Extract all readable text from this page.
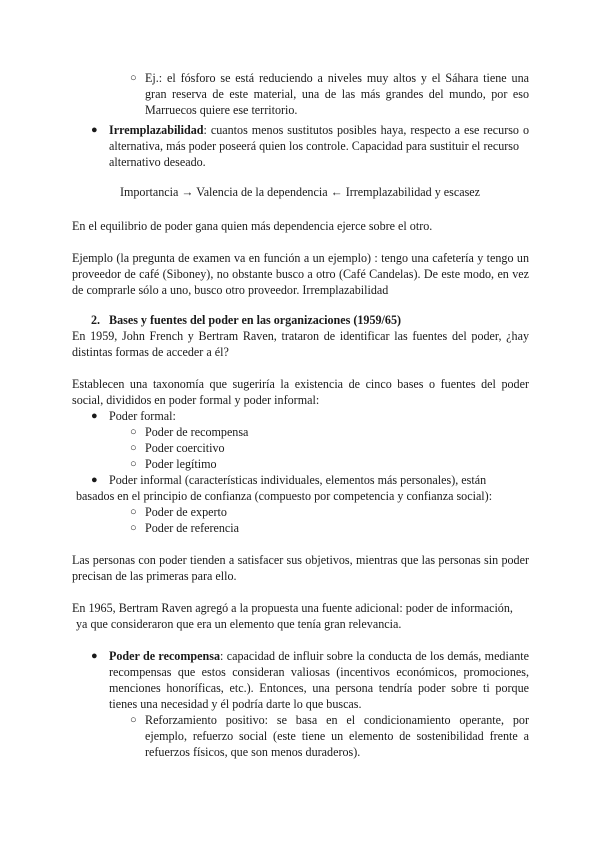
○ Ej.: el fósforo se está reduciendo a niveles muy altos y el Sáhara tiene una
gran reserva de este material, una de las más grandes del mundo, por eso
Marruecos quiere ese territorio.
● Irremplazabilidad: cuantos menos sustitutos posibles haya, respecto a ese recurso o
alternativa, más poder poseerá quien los controle. Capacidad para sustituir el recurso
alternativo deseado.
Importancia → Valencia de la dependencia ← Irremplazabilidad y escasez
En el equilibrio de poder gana quien más dependencia ejerce sobre el otro.
Ejemplo (la pregunta de examen va en función a un ejemplo) : tengo una cafetería y tengo un
proveedor de café (Siboney), no obstante busco a otro (Café Candelas). De este modo, en vez
de comprarle sólo a uno, busco otro proveedor. Irremplazabilidad
2. Bases y fuentes del poder en las organizaciones (1959/65)
En 1959, John French y Bertram Raven, trataron de identificar las fuentes del poder, ¿hay
distintas formas de acceder a él?
Establecen una taxonomía que sugeriría la existencia de cinco bases o fuentes del poder
social, divididos en poder formal y poder informal:
● Poder formal:
○ Poder de recompensa
○ Poder coercitivo
○ Poder legítimo
● Poder informal (características individuales, elementos más personales), están
basados en el principio de confianza (compuesto por competencia y confianza social):
○ Poder de experto
○ Poder de referencia
Las personas con poder tienden a satisfacer sus objetivos, mientras que las personas sin poder
precisan de las primeras para ello.
En 1965, Bertram Raven agregó a la propuesta una fuente adicional: poder de información,
ya que consideraron que era un elemento que tenía gran relevancia.
● Poder de recompensa: capacidad de influir sobre la conducta de los demás, mediante
recompensas que estos consideran valiosas (incentivos económicos, promociones,
menciones honoríficas, etc.). Entonces, una persona tendría poder sobre ti porque
tienes una necesidad y él podría darte lo que buscas.
○ Reforzamiento positivo: se basa en el condicionamiento operante, por
ejemplo, refuerzo social (este tiene un elemento de sostenibilidad frente a
refuerzos físicos, que son menos duraderos).
